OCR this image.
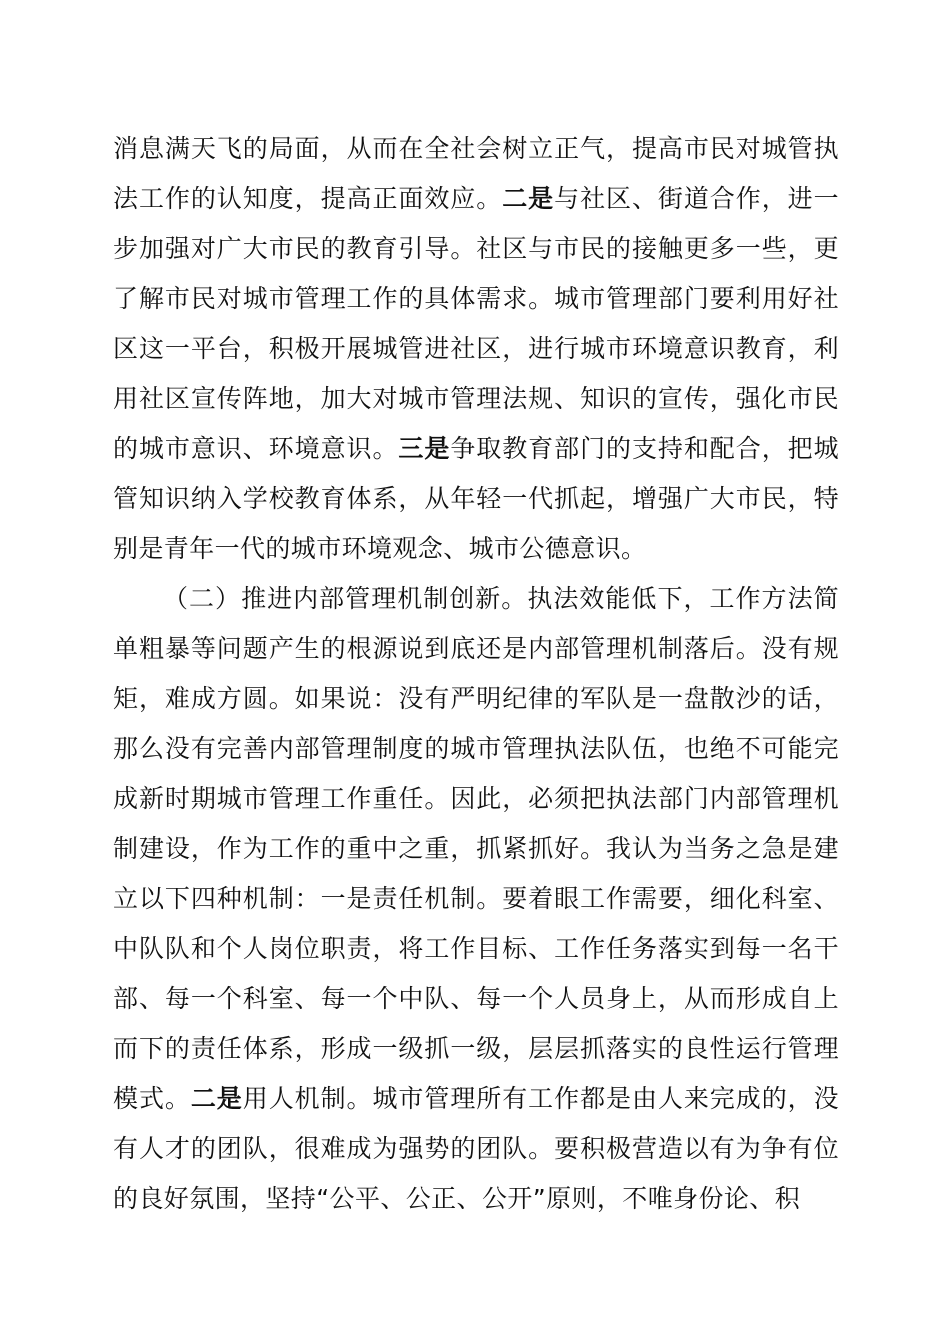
消息满天飞的局面，从而在全社会树立正气，提高市民对城管执法工作的认知度，提高正面效应。二是与社区、街道合作，进一步加强对广大市民的教育引导。社区与市民的接触更多一些，更了解市民对城市管理工作的具体需求。城市管理部门要利用好社区这一平台，积极开展城管进社区，进行城市环境意识教育，利用社区宣传阵地，加大对城市管理法规、知识的宣传，强化市民的城市意识、环境意识。三是争取教育部门的支持和配合，把城管知识纳入学校教育体系，从年轻一代抓起，增强广大市民，特别是青年一代的城市环境观念、城市公德意识。

（二）推进内部管理机制创新。执法效能低下，工作方法简单粗暴等问题产生的根源说到底还是内部管理机制落后。没有规矩，难成方圆。如果说：没有严明纪律的军队是一盘散沙的话，那么没有完善内部管理制度的城市管理执法队伍，也绝不可能完成新时期城市管理工作重任。因此，必须把执法部门内部管理机制建设，作为工作的重中之重，抓紧抓好。我认为当务之急是建立以下四种机制：一是责任机制。要着眼工作需要，细化科室、中队队和个人岗位职责，将工作目标、工作任务落实到每一名干部、每一个科室、每一个中队、每一个人员身上，从而形成自上而下的责任体系，形成一级抓一级，层层抓落实的良性运行管理模式。二是用人机制。城市管理所有工作都是由人来完成的，没有人才的团队，很难成为强势的团队。要积极营造以有为争有位的良好氛围，坚持“公平、公正、公开”原则，不唯身份论、积
